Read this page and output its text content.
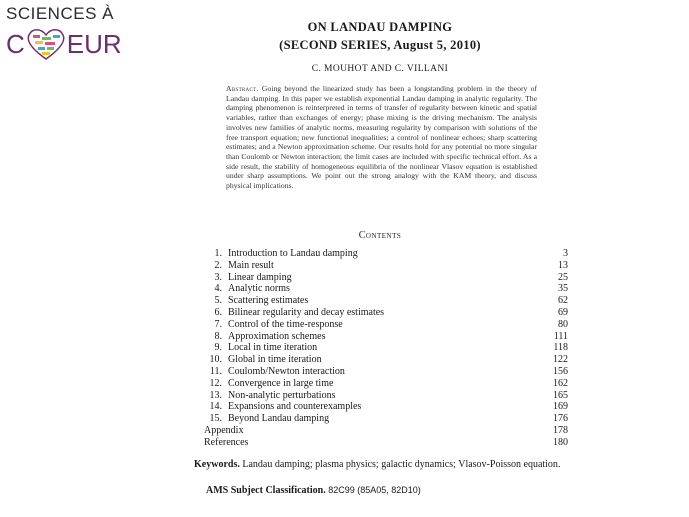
SCIENCES À
C EUR
ON LANDAU DAMPING
(SECOND SERIES, August 5, 2010)
C. MOUHOT AND C. VILLANI
Abstract. Going beyond the linearized study has been a longstanding problem in the theory of Landau damping. In this paper we establish exponential Landau damping in analytic regularity. The damping phenomenon is reinterpreted in terms of transfer of regularity between kinetic and spatial variables, rather than exchanges of energy; phase mixing is the driving mechanism. The analysis involves new families of analytic norms, measuring regularity by comparison with solutions of the free transport equation; new functional inequalities; a control of nonlinear echoes; sharp scattering estimates; and a Newton approximation scheme. Our results hold for any potential no more singular than Coulomb or Newton interaction; the limit cases are included with specific technical effort. As a side result, the stability of homogeneous equilibria of the nonlinear Vlasov equation is established under sharp assumptions. We point out the strong analogy with the KAM theory, and discuss physical implications.
Contents
1. Introduction to Landau damping	3
2. Main result	13
3. Linear damping	25
4. Analytic norms	35
5. Scattering estimates	62
6. Bilinear regularity and decay estimates	69
7. Control of the time-response	80
8. Approximation schemes	111
9. Local in time iteration	118
10. Global in time iteration	122
11. Coulomb/Newton interaction	156
12. Convergence in large time	162
13. Non-analytic perturbations	165
14. Expansions and counterexamples	169
15. Beyond Landau damping	176
Appendix	178
References	180
Keywords. Landau damping; plasma physics; galactic dynamics; Vlasov-Poisson equation.
AMS Subject Classification. 82C99 (85A05, 82D10)
